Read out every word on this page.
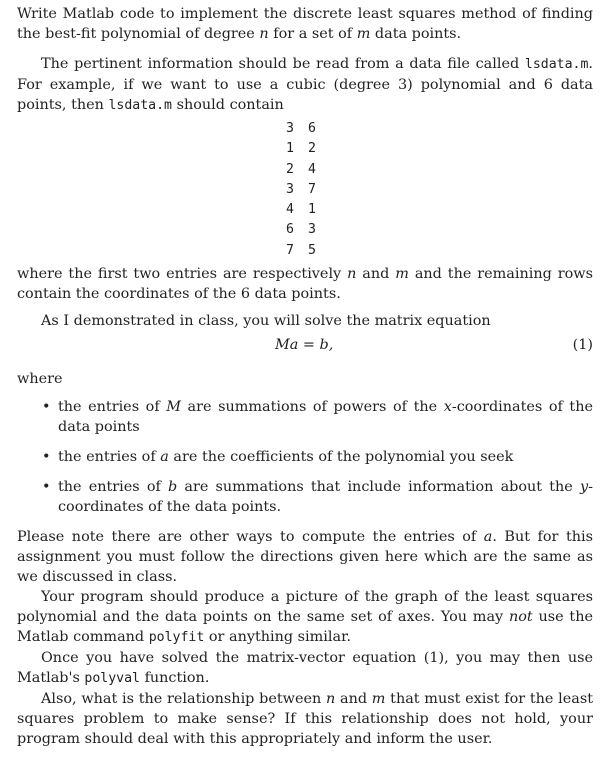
Write Matlab code to implement the discrete least squares method of finding the best-fit polynomial of degree n for a set of m data points.

The pertinent information should be read from a data file called lsdata.m. For example, if we want to use a cubic (degree 3) polynomial and 6 data points, then lsdata.m should contain

3 6
1 2
2 4
3 7
4 1
6 3
7 5

where the first two entries are respectively n and m and the remaining rows contain the coordinates of the 6 data points.

As I demonstrated in class, you will solve the matrix equation

Ma = b,	(1)

where

• the entries of M are summations of powers of the x-coordinates of the data points
• the entries of a are the coefficients of the polynomial you seek
• the entries of b are summations that include information about the y-coordinates of the data points.

Please note there are other ways to compute the entries of a. But for this assignment you must follow the directions given here which are the same as we discussed in class.

Your program should produce a picture of the graph of the least squares polynomial and the data points on the same set of axes. You may not use the Matlab command polyfit or anything similar.

Once you have solved the matrix-vector equation (1), you may then use Matlab's polyval function.

Also, what is the relationship between n and m that must exist for the least squares problem to make sense? If this relationship does not hold, your program should deal with this appropriately and inform the user.
